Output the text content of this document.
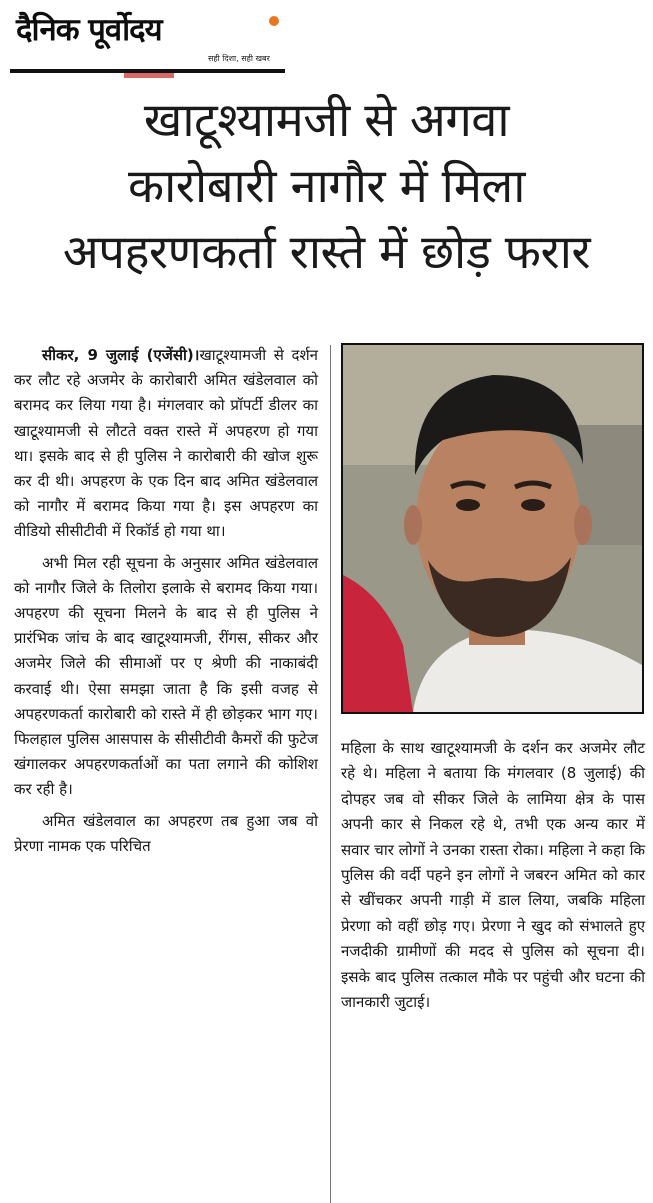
दैनिक पूर्वोदय
सही दिशा, सही खबर
खाटूश्यामजी से अगवा
कारोबारी नागौर में मिला
अपहरणकर्ता रास्ते में छोड़ फरार

सीकर, 9 जुलाई (एजेंसी)।खाटूश्यामजी से दर्शन कर लौट रहे अजमेर के कारोबारी अमित खंडेलवाल को बरामद कर लिया गया है। मंगलवार को प्रॉपर्टी डीलर का खाटूश्यामजी से लौटते वक्त रास्ते में अपहरण हो गया था। इसके बाद से ही पुलिस ने कारोबारी की खोज शुरू कर दी थी। अपहरण के एक दिन बाद अमित खंडेलवाल को नागौर में बरामद किया गया है। इस अपहरण का वीडियो सीसीटीवी में रिकॉर्ड हो गया था।

अभी मिल रही सूचना के अनुसार अमित खंडेलवाल को नागौर जिले के तिलोरा इलाके से बरामद किया गया। अपहरण की सूचना मिलने के बाद से ही पुलिस ने प्रारंभिक जांच के बाद खाटूश्यामजी, रींगस, सीकर और अजमेर जिले की सीमाओं पर ए श्रेणी की नाकाबंदी करवाई थी। ऐसा समझा जाता है कि इसी वजह से अपहरणकर्ता कारोबारी को रास्ते में ही छोड़कर भाग गए। फिलहाल पुलिस आसपास के सीसीटीवी कैमरों की फुटेज खंगालकर अपहरणकर्ताओं का पता लगाने की कोशिश कर रही है।

अमित खंडेलवाल का अपहरण तब हुआ जब वो प्रेरणा नामक एक परिचित

महिला के साथ खाटूश्यामजी के दर्शन कर अजमेर लौट रहे थे। महिला ने बताया कि मंगलवार (8 जुलाई) की दोपहर जब वो सीकर जिले के लामिया क्षेत्र के पास अपनी कार से निकल रहे थे, तभी एक अन्य कार में सवार चार लोगों ने उनका रास्ता रोका। महिला ने कहा कि पुलिस की वर्दी पहने इन लोगों ने जबरन अमित को कार से खींचकर अपनी गाड़ी में डाल लिया, जबकि महिला प्रेरणा को वहीं छोड़ गए। प्रेरणा ने खुद को संभालते हुए नजदीकी ग्रामीणों की मदद से पुलिस को सूचना दी। इसके बाद पुलिस तत्काल मौके पर पहुंची और घटना की जानकारी जुटाई।
